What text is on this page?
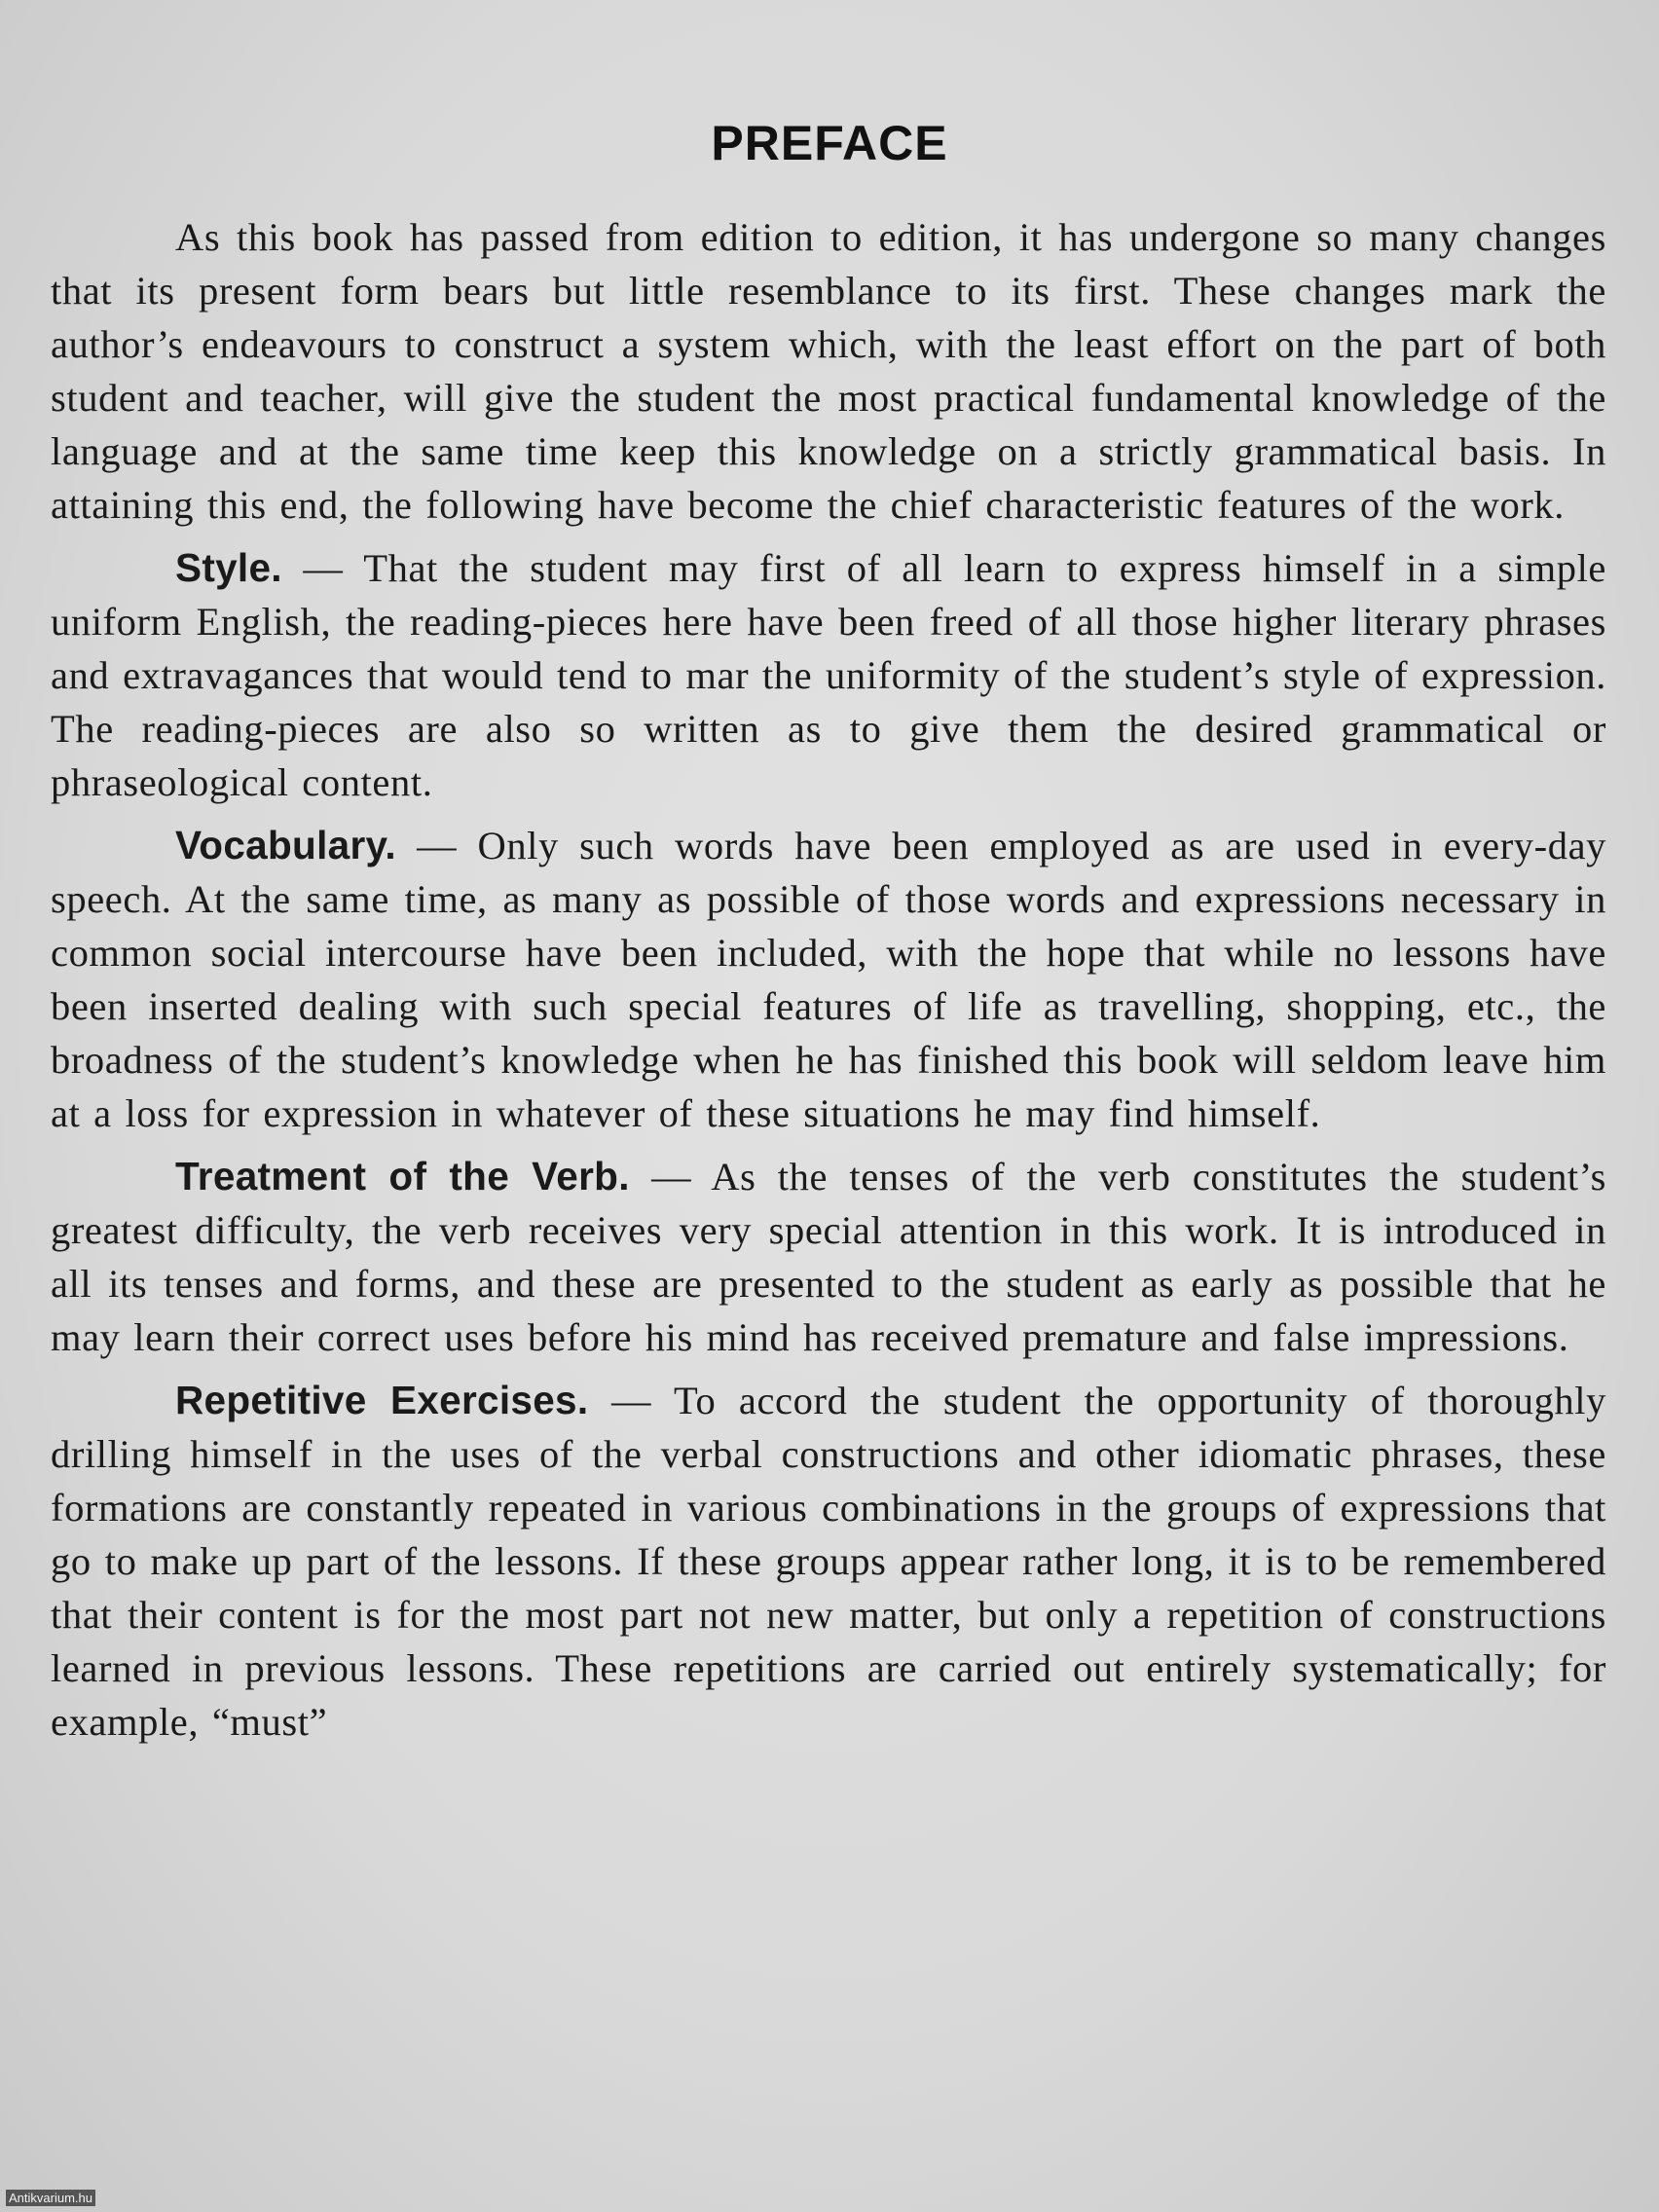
PREFACE

As this book has passed from edition to edition, it has undergone so many changes that its present form bears but little resemblance to its first. These changes mark the author’s endeavours to construct a system which, with the least effort on the part of both student and teacher, will give the student the most practical fundamental knowledge of the language and at the same time keep this knowledge on a strictly grammatical basis. In attaining this end, the following have become the chief characteristic features of the work.

Style. — That the student may first of all learn to express himself in a simple uniform English, the reading-pieces here have been freed of all those higher literary phrases and extravagances that would tend to mar the uniformity of the student’s style of expression. The reading-pieces are also so written as to give them the desired grammatical or phraseological content.

Vocabulary. — Only such words have been employed as are used in every-day speech. At the same time, as many as possible of those words and expressions necessary in common social intercourse have been included, with the hope that while no lessons have been inserted dealing with such special features of life as travelling, shopping, etc., the broadness of the student’s knowledge when he has finished this book will seldom leave him at a loss for expression in whatever of these situations he may find himself.

Treatment of the Verb. — As the tenses of the verb constitutes the student’s greatest difficulty, the verb receives very special attention in this work. It is introduced in all its tenses and forms, and these are presented to the student as early as possible that he may learn their correct uses before his mind has received premature and false impressions.

Repetitive Exercises. — To accord the student the opportunity of thoroughly drilling himself in the uses of the verbal constructions and other idiomatic phrases, these formations are constantly repeated in various combinations in the groups of expressions that go to make up part of the lessons. If these groups appear rather long, it is to be remembered that their content is for the most part not new matter, but only a repetition of constructions learned in previous lessons. These repetitions are carried out entirely systematically; for example, “must”

Antikvarium.hu
